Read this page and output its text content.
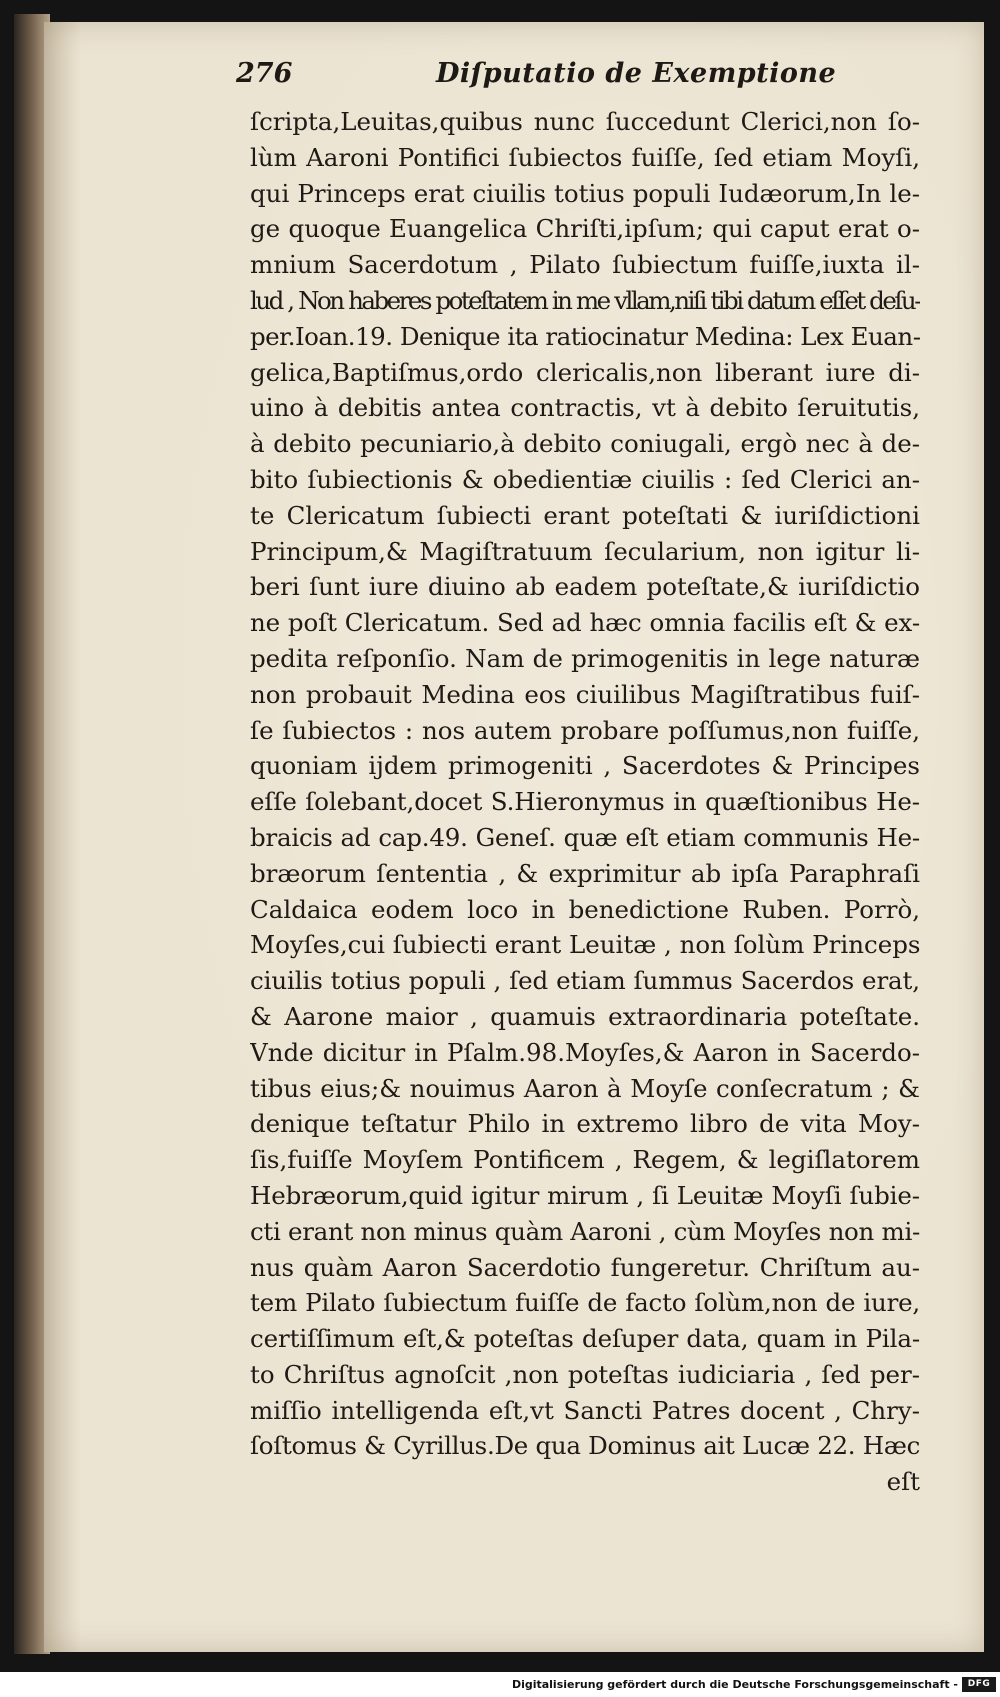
276	Diſputatio de Exemptione
ſcripta,Leuitas,quibus nunc ſuccedunt Clerici,non ſo-
lùm Aaroni Pontifici ſubiectos fuiſſe, ſed etiam Moyſi,
qui Princeps erat ciuilis totius populi Iudæorum,In le-
ge quoque Euangelica Chriſti,ipſum; qui caput erat o-
mnium Sacerdotum , Pilato ſubiectum fuiſſe,iuxta il-
lud , Non haberes poteſtatem in me vllam,niſi tibi datum eſſet deſu-
per.Ioan.19. Denique ita ratiocinatur Medina: Lex Euan-
gelica,Baptiſmus,ordo clericalis,non liberant iure di-
uino à debitis antea contractis, vt à debito ſeruitutis,
à debito pecuniario,à debito coniugali, ergò nec à de-
bito ſubiectionis & obedientiæ ciuilis : ſed Clerici an-
te Clericatum ſubiecti erant poteſtati & iuriſdictioni
Principum,& Magiſtratuum ſecularium, non igitur li-
beri ſunt iure diuino ab eadem poteſtate,& iuriſdictio
ne poſt Clericatum. Sed ad hæc omnia facilis eſt & ex-
pedita reſponſio. Nam de primogenitis in lege naturæ
non probauit Medina eos ciuilibus Magiſtratibus fuiſ-
ſe ſubiectos : nos autem probare poſſumus,non fuiſſe,
quoniam ijdem primogeniti , Sacerdotes & Principes
eſſe ſolebant,docet S.Hieronymus in quæſtionibus He-
braicis ad cap.49. Geneſ. quæ eſt etiam communis He-
bræorum ſententia , & exprimitur ab ipſa Paraphraſi
Caldaica eodem loco in benedictione Ruben. Porrò,
Moyſes,cui ſubiecti erant Leuitæ , non ſolùm Princeps
ciuilis totius populi , ſed etiam ſummus Sacerdos erat,
& Aarone maior , quamuis extraordinaria poteſtate.
Vnde dicitur in Pſalm.98.Moyſes,& Aaron in Sacerdo-
tibus eius;& nouimus Aaron à Moyſe conſecratum ; &
denique teſtatur Philo in extremo libro de vita Moy-
ſis,fuiſſe Moyſem Pontificem , Regem, & legiſlatorem
Hebræorum,quid igitur mirum , ſi Leuitæ Moyſi ſubie-
cti erant non minus quàm Aaroni , cùm Moyſes non mi-
nus quàm Aaron Sacerdotio fungeretur. Chriſtum au-
tem Pilato ſubiectum fuiſſe de facto ſolùm,non de iure,
certiſſimum eſt,& poteſtas deſuper data, quam in Pila-
to Chriſtus agnoſcit ,non poteſtas iudiciaria , ſed per-
miſſio intelligenda eſt,vt Sancti Patres docent , Chry-
ſoſtomus & Cyrillus.De qua Dominus ait Lucæ 22. Hæc
eſt
Digitalisierung gefördert durch die Deutsche Forschungsgemeinschaft -	DFG
